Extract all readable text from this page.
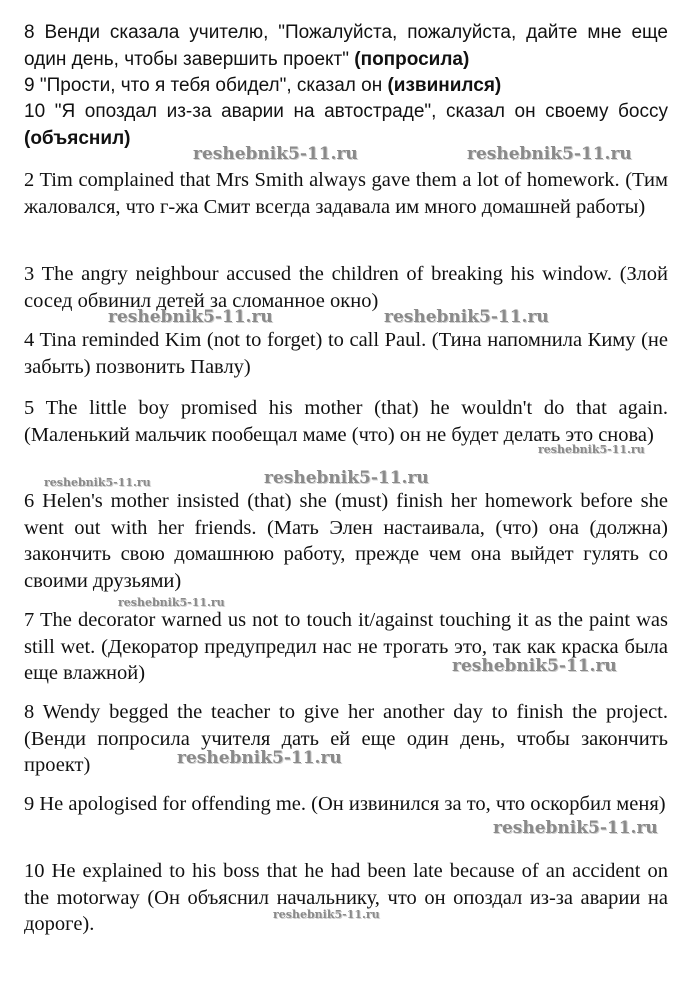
8 Венди сказала учителю, "Пожалуйста, пожалуйста, дайте мне еще один день, чтобы завершить проект" (попросила)
9 "Прости, что я тебя обидел", сказал он (извинился)
10 "Я опоздал из-за аварии на автостраде", сказал он своему боссу (объяснил)
2 Tim complained that Mrs Smith always gave them a lot of homework. (Тим жаловался, что г-жа Смит всегда задавала им много домашней работы)
3 The angry neighbour accused the children of breaking his window. (Злой сосед обвинил детей за сломанное окно)
4 Tina reminded Kim (not to forget) to call Paul. (Тина напомнила Киму (не забыть) позвонить Павлу)
5 The little boy promised his mother (that) he wouldn't do that again. (Маленький мальчик пообещал маме (что) он не будет делать это снова)
6 Helen's mother insisted (that) she (must) finish her homework before she went out with her friends. (Мать Элен настаивала, (что) она (должна) закончить свою домашнюю работу, прежде чем она выйдет гулять со своими друзьями)
7 The decorator warned us not to touch it/against touching it as the paint was still wet. (Декоратор предупредил нас не трогать это, так как краска была еще влажной)
8 Wendy begged the teacher to give her another day to finish the project. (Венди попросила учителя дать ей еще один день, чтобы закончить проект)
9 He apologised for offending me. (Он извинился за то, что оскорбил меня)
10 He explained to his boss that he had been late because of an accident on the motorway (Он объяснил начальнику, что он опоздал из-за аварии на дороге).
reshebnik5-11.ru	reshebnik5-11.ru
reshebnik5-11.ru	reshebnik5-11.ru
reshebnik5-11.ru
reshebnik5-11.ru	reshebnik5-11.ru
reshebnik5-11.ru
reshebnik5-11.ru
reshebnik5-11.ru
reshebnik5-11.ru
reshebnik5-11.ru
